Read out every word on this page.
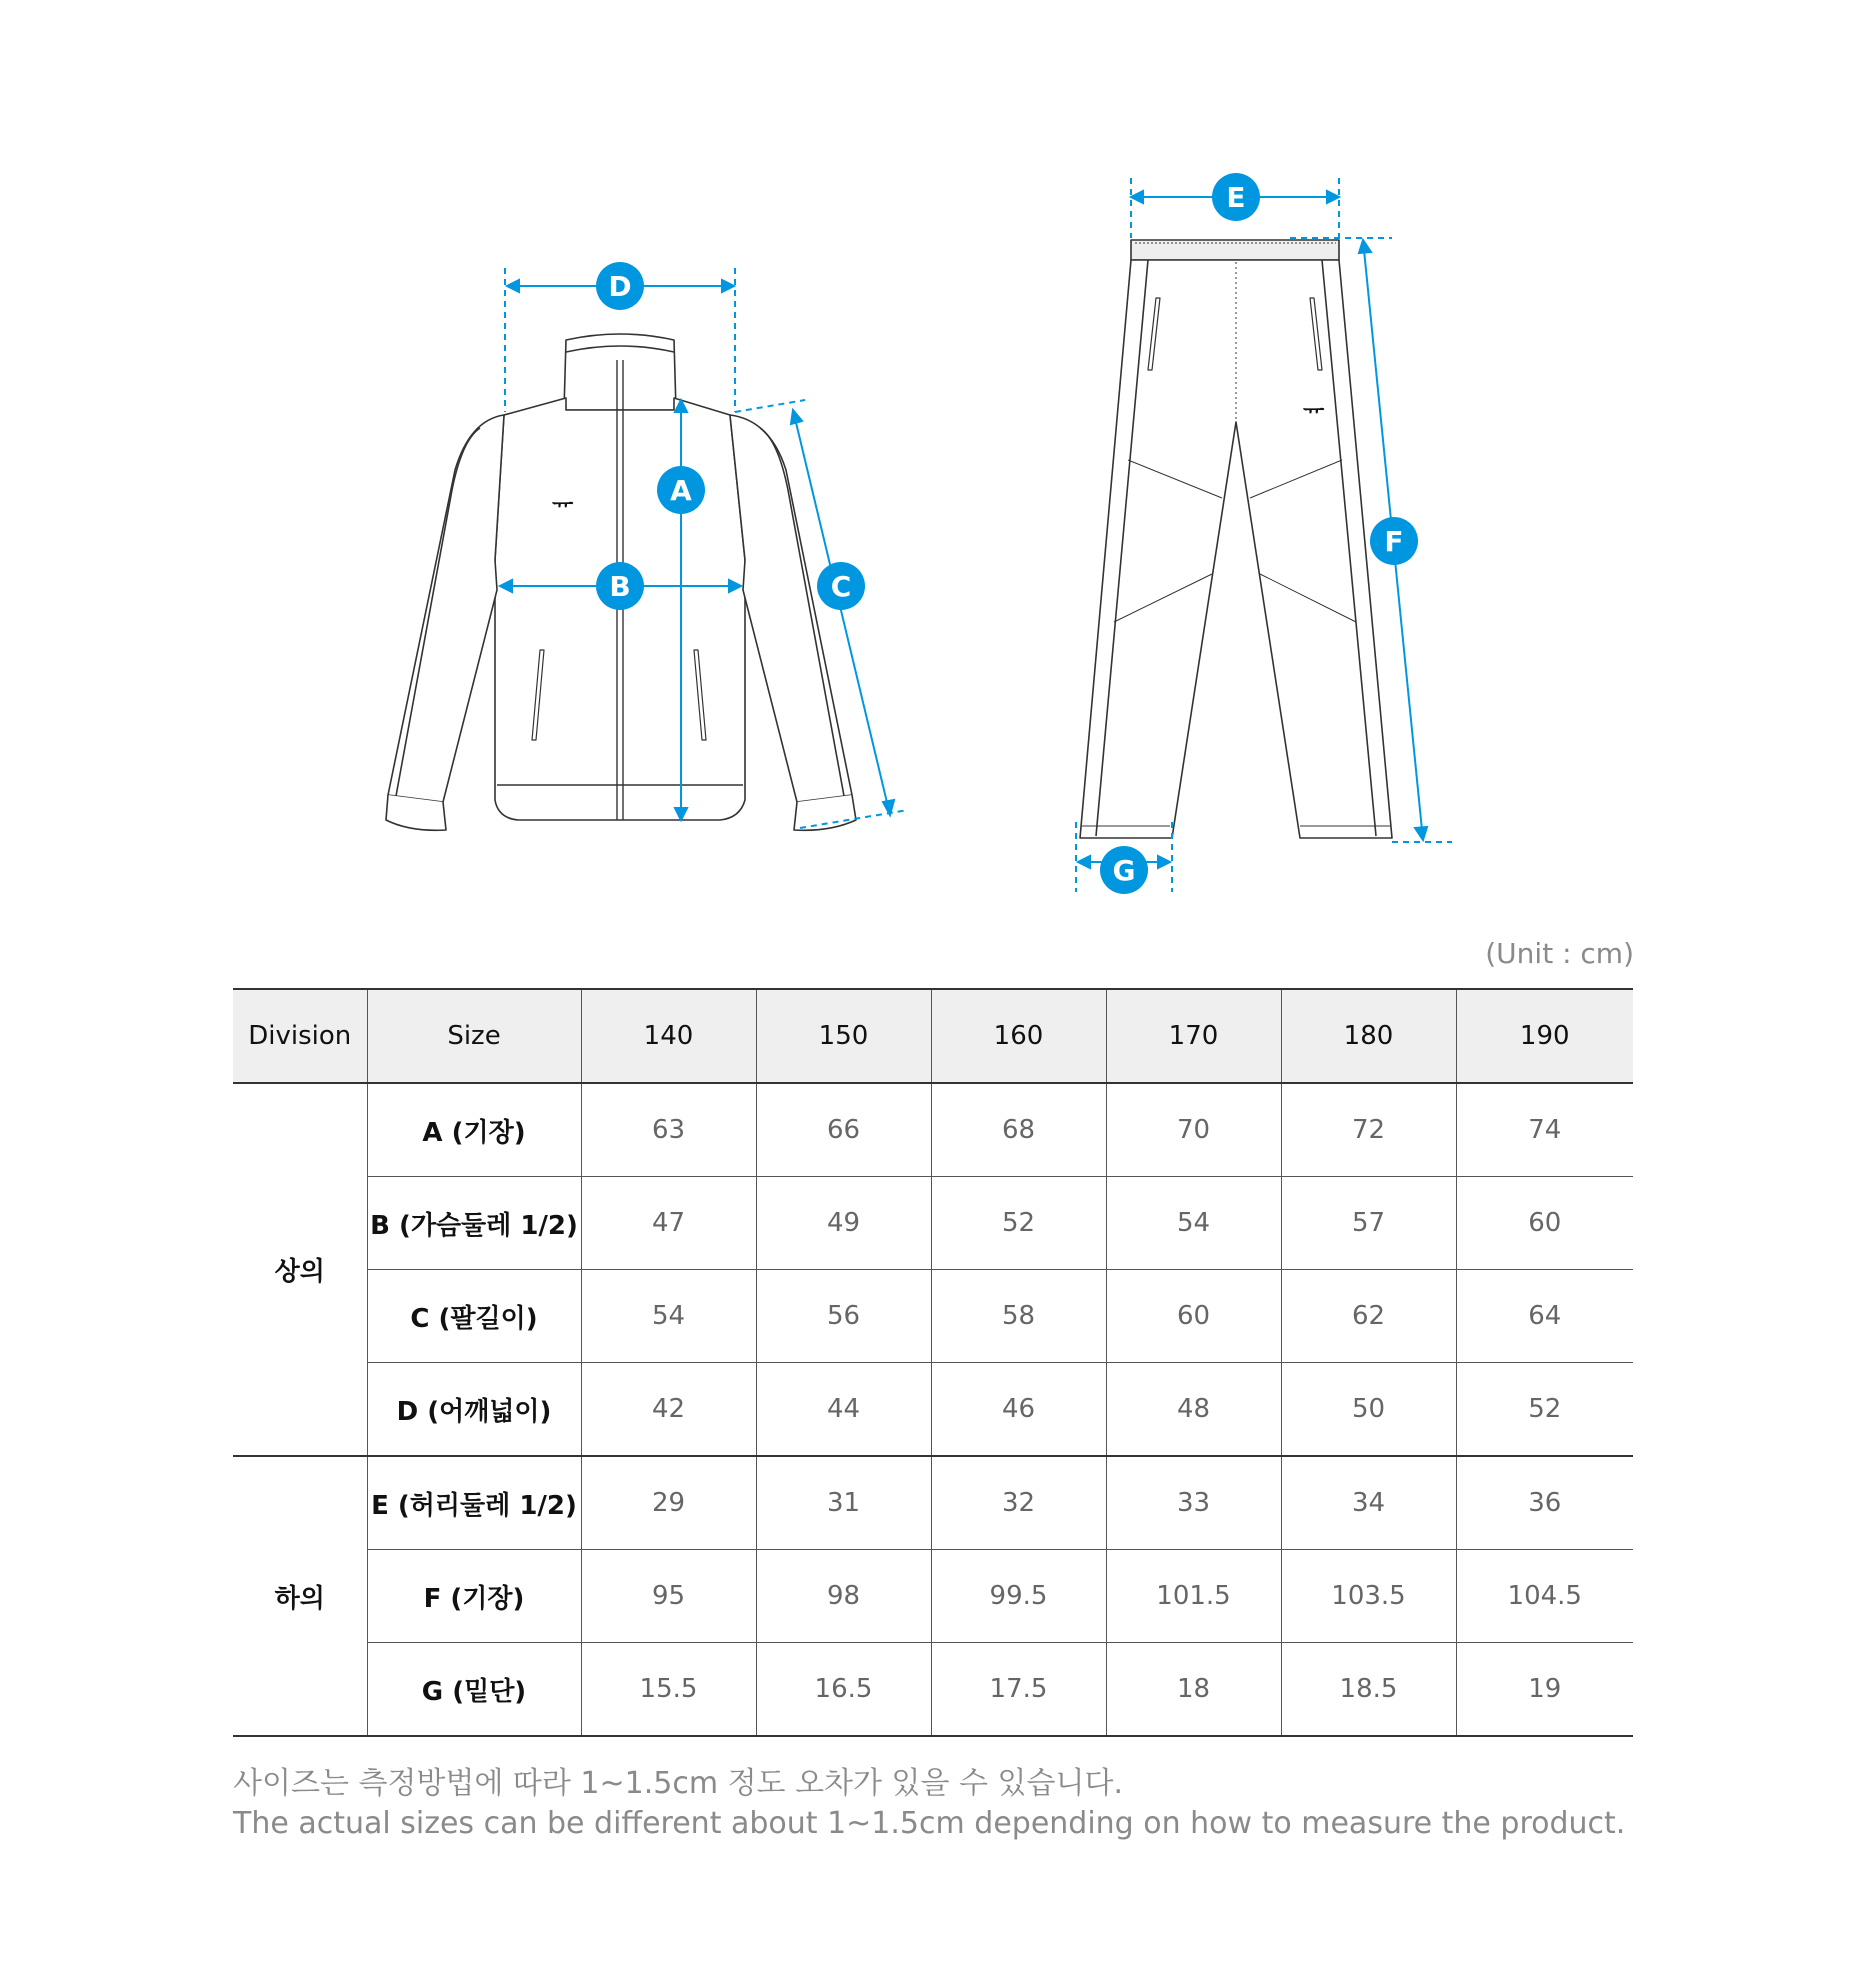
ᅲ
D
A
B	C
ᅲ
E
F
G
(Unit : cm)
Division	Size	140	150	160	170	180	190
상의	A (기장)	63	66	68	70	72	74
	B (가슴둘레 1/2)	47	49	52	54	57	60
	C (팔길이)	54	56	58	60	62	64
	D (어깨넓이)	42	44	46	48	50	52
하의	E (허리둘레 1/2)	29	31	32	33	34	36
	F (기장)	95	98	99.5	101.5	103.5	104.5
	G (밑단)	15.5	16.5	17.5	18	18.5	19
사이즈는 측정방법에 따라 1~1.5cm 정도 오차가 있을 수 있습니다.
The actual sizes can be different about 1~1.5cm depending on how to measure the product.
